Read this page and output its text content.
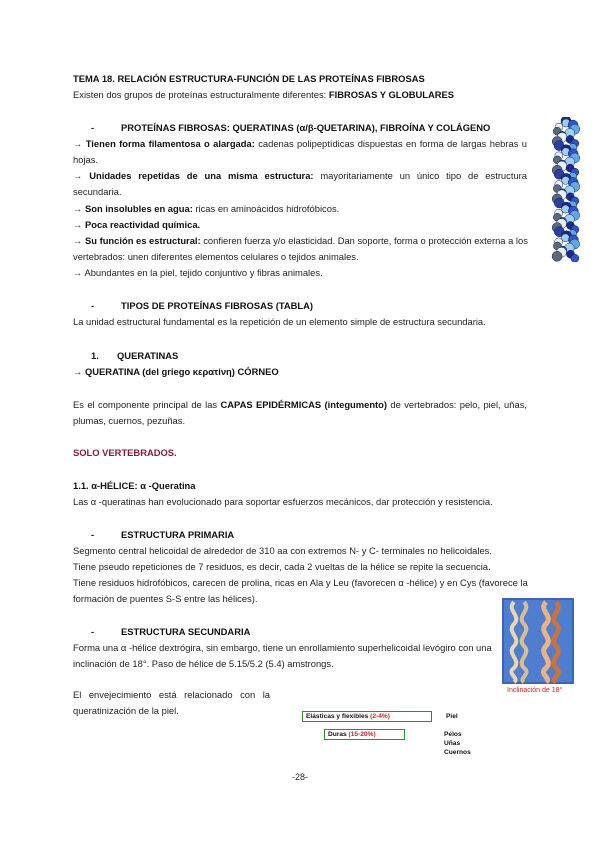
TEMA 18. RELACIÓN ESTRUCTURA-FUNCIÓN DE LAS PROTEÍNAS FIBROSAS
Existen dos grupos de proteínas estructuralmente diferentes: FIBROSAS Y GLOBULARES
-	PROTEÍNAS FIBROSAS: QUERATINAS (α/β-QUETARINA), FIBROÍNA Y COLÁGENO
→ Tienen forma filamentosa o alargada: cadenas polipeptídicas dispuestas en forma de largas hebras u
hojas.
→ Unidades repetidas de una misma estructura: mayoritariamente un único tipo de estructura
secundaria.
→ Son insolubles en agua: ricas en aminoácidos hidrofóbicos.
→ Poca reactividad química.
→ Su función es estructural: confieren fuerza y/o elasticidad. Dan soporte, forma o protección externa a los
vertebrados: unen diferentes elementos celulares o tejidos animales.
→ Abundantes en la piel, tejido conjuntivo y fibras animales.
-	TIPOS DE PROTEÍNAS FIBROSAS (TABLA)
La unidad estructural fundamental es la repetición de un elemento simple de estructura secundaria.
1. QUERATINAS
→ QUERATINA (del griego κερατίνη) CÓRNEO
Es el componente principal de las CAPAS EPIDÉRMICAS (integumento) de vertebrados: pelo, piel, uñas,
plumas, cuernos, pezuñas.
SOLO VERTEBRADOS.
1.1. α-HÉLICE: α -Queratina
Las α -queratinas han evolucionado para soportar esfuerzos mecánicos, dar protección y resistencia.
-	ESTRUCTURA PRIMARIA
Segmento central helicoidal de alrededor de 310 aa con extremos N- y C- terminales no helicoidales.
Tiene pseudo repeticiones de 7 residuos, es decir, cada 2 vueltas de la hélice se repite la secuencia.
Tiene residuos hidrofóbicos, carecen de prolina, ricas en Ala y Leu (favorecen α -hélice) y en Cys (favorece la
formación de puentes S-S entre las hélices).
-	ESTRUCTURA SECUNDARIA
Forma una α -hélice dextrógira, sin embargo, tiene un enrollamiento superhelicoidal levógiro con una
inclinación de 18°. Paso de hélice de 5.15/5.2 (5.4) amstrongs.
Inclinación de 18°
El envejecimiento está relacionado con la
queratinización de la piel.
Elásticas y flexibles (2-4%)	Piel
Duras (15-20%)	Pelos
Uñas
Cuernos
-28-
